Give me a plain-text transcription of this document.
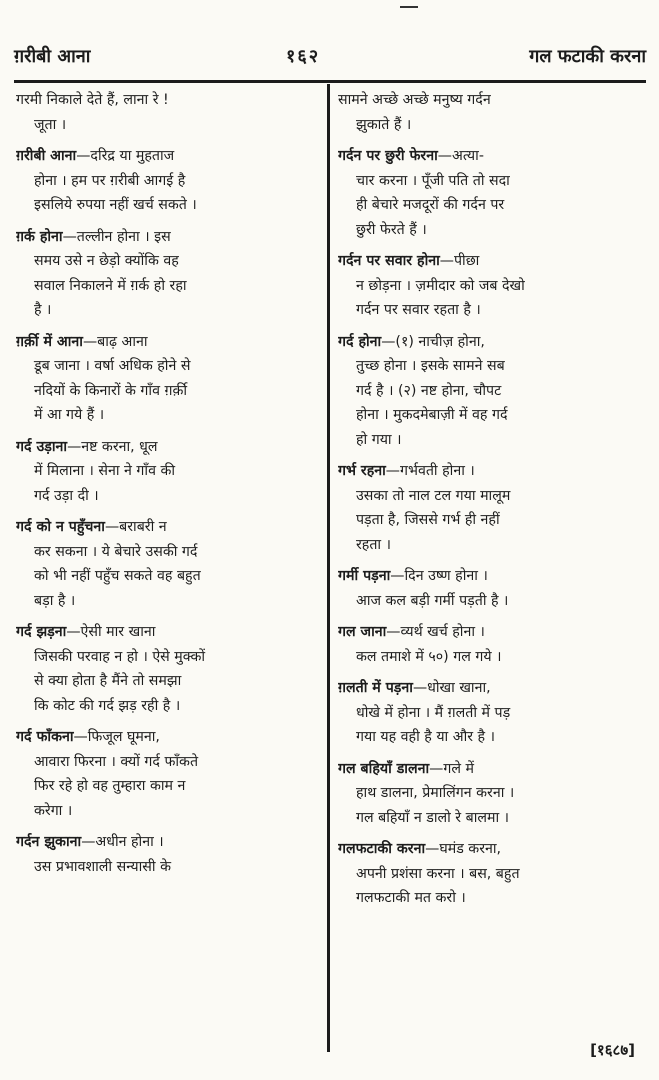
ग़रीबी आना	१६२	गल फटाकी करना
गरमी निकाले देते हैं, लाना रे !
जूता ।
ग़रीबी आना—दरिद्र या मुहताज
होना । हम पर ग़रीबी आगई है
इसलिये रुपया नहीं खर्च सकते ।
ग़र्क होना—तल्लीन होना । इस
समय उसे न छेड़ो क्योंकि वह
सवाल निकालने में ग़र्क हो रहा
है ।
ग़र्क़ी में आना—बाढ़ आना
डूब जाना । वर्षा अधिक होने से
नदियों के किनारों के गाँव ग़र्क़ी
में आ गये हैं ।
गर्द उड़ाना—नष्ट करना, धूल
में मिलाना । सेना ने गाँव की
गर्द उड़ा दी ।
गर्द को न पहुँचना—बराबरी न
कर सकना । ये बेचारे उसकी गर्द
को भी नहीं पहुँच सकते वह बहुत
बड़ा है ।
गर्द झड़ना—ऐसी मार खाना
जिसकी परवाह न हो । ऐसे मुक्कों
से क्या होता है मैंने तो समझा
कि कोट की गर्द झड़ रही है ।
गर्द फाँकना—फिजूल घूमना,
आवारा फिरना । क्यों गर्द फाँकते
फिर रहे हो वह तुम्हारा काम न
करेगा ।
गर्दन झुकाना—अधीन होना ।
उस प्रभावशाली सन्यासी के
सामने अच्छे अच्छे मनुष्य गर्दन
झुकाते हैं ।
गर्दन पर छुरी फेरना—अत्या-
चार करना । पूँजी पति तो सदा
ही बेचारे मजदूरों की गर्दन पर
छुरी फेरते हैं ।
गर्दन पर सवार होना—पीछा
न छोड़ना । ज़मीदार को जब देखो
गर्दन पर सवार रहता है ।
गर्द होना—(१) नाचीज़ होना,
तुच्छ होना । इसके सामने सब
गर्द है । (२) नष्ट होना, चौपट
होना । मुकदमेबाज़ी में वह गर्द
हो गया ।
गर्भ रहना—गर्भवती होना ।
उसका तो नाल टल गया मालूम
पड़ता है, जिससे गर्भ ही नहीं
रहता ।
गर्मी पड़ना—दिन उष्ण होना ।
आज कल बड़ी गर्मी पड़ती है ।
गल जाना—व्यर्थ खर्च होना ।
कल तमाशे में ५०) गल गये ।
ग़लती में पड़ना—धोखा खाना,
धोखे में होना । मैं ग़लती में पड़
गया यह वही है या और है ।
गल बहियाँ डालना—गले में
हाथ डालना, प्रेमालिंगन करना ।
गल बहियाँ न डालो रे बालमा ।
गलफटाकी करना—घमंड करना,
अपनी प्रशंसा करना । बस, बहुत
गलफटाकी मत करो ।
[१६८७]
